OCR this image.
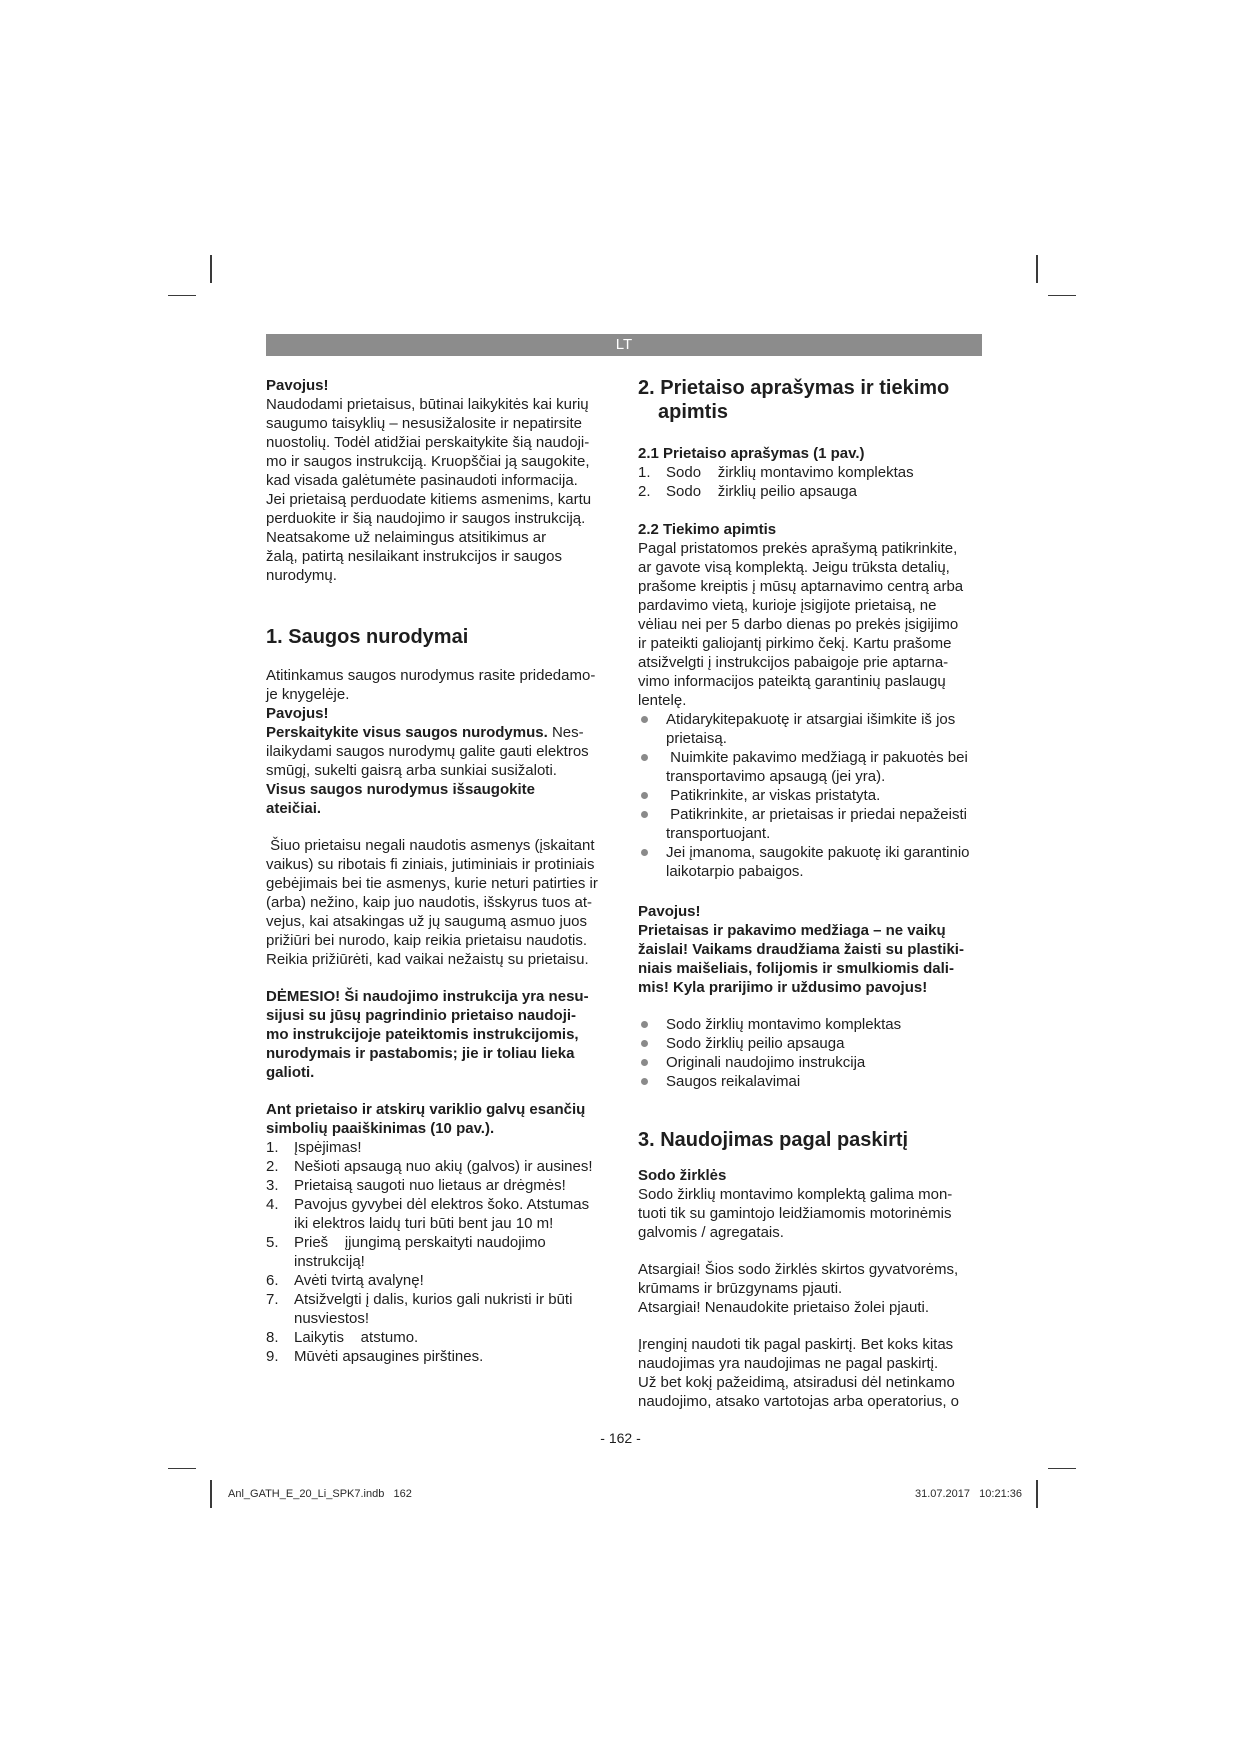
LT

Pavojus!

Naudodami prietaisus, būtinai laikykitės kai kurių

saugumo taisyklių – nesusižalosite ir nepatirsite

nuostolių. Todėl atidžiai perskaitykite šią naudoji-

mo ir saugos instrukciją. Kruopščiai ją saugokite,

kad visada galėtumėte pasinaudoti informacija.

Jei prietaisą perduodate kitiems asmenims, kartu

perduokite ir šią naudojimo ir saugos instrukciją.

Neatsakome už nelaimingus atsitikimus ar

žalą, patirtą nesilaikant instrukcijos ir saugos

nurodymų.

1. Saugos nurodymai

Atitinkamus saugos nurodymus rasite pridedamo-

je knygelėje.

Pavojus!

Perskaitykite visus saugos nurodymus. Nes-

ilaikydami saugos nurodymų galite gauti elektros

smūgį, sukelti gaisrą arba sunkiai susižaloti.

Visus saugos nurodymus išsaugokite

ateičiai.

Šiuo prietaisu negali naudotis asmenys (įskaitant

vaikus) su ribotais fi ziniais, jutiminiais ir protiniais

gebėjimais bei tie asmenys, kurie neturi patirties ir

(arba) nežino, kaip juo naudotis, išskyrus tuos at-

vejus, kai atsakingas už jų saugumą asmuo juos

prižiūri bei nurodo, kaip reikia prietaisu naudotis.

Reikia prižiūrėti, kad vaikai nežaistų su prietaisu.

DĖMESIO! Ši naudojimo instrukcija yra nesu-

sijusi su jūsų pagrindinio prietaiso naudoji-

mo instrukcijoje pateiktomis instrukcijomis,

nurodymais ir pastabomis; jie ir toliau lieka

galioti.

Ant prietaiso ir atskirų variklio galvų esančių

simbolių paaiškinimas (10 pav.).

1. Įspėjimas!

2. Nešioti apsaugą nuo akių (galvos) ir ausines!

3. Prietaisą saugoti nuo lietaus ar drėgmės!

4. Pavojus gyvybei dėl elektros šoko. Atstumas

iki elektros laidų turi būti bent jau 10 m!

5. Prieš    įjungimą perskaityti naudojimo

instrukciją!

6. Avėti tvirtą avalynę!

7. Atsižvelgti į dalis, kurios gali nukristi ir būti

nusviestos!

8. Laikytis    atstumo.

9. Mūvėti apsaugines pirštines.

2. Prietaiso aprašymas ir tiekimo

apimtis

2.1 Prietaiso aprašymas (1 pav.)

1. Sodo    žirklių montavimo komplektas

2. Sodo    žirklių peilio apsauga

2.2 Tiekimo apimtis

Pagal pristatomos prekės aprašymą patikrinkite,

ar gavote visą komplektą. Jeigu trūksta detalių,

prašome kreiptis į mūsų aptarnavimo centrą arba

pardavimo vietą, kurioje įsigijote prietaisą, ne

vėliau nei per 5 darbo dienas po prekės įsigijimo

ir pateikti galiojantį pirkimo čekį. Kartu prašome

atsižvelgti į instrukcijos pabaigoje prie aptarna-

vimo informacijos pateiktą garantinių paslaugų

lentelę.

Atidarykitepakuotę ir atsargiai išimkite iš jos

prietaisą.

Nuimkite pakavimo medžiagą ir pakuotės bei

transportavimo apsaugą (jei yra).

Patikrinkite, ar viskas pristatyta.

Patikrinkite, ar prietaisas ir priedai nepažeisti

transportuojant.

Jei įmanoma, saugokite pakuotę iki garantinio

laikotarpio pabaigos.

Pavojus!

Prietaisas ir pakavimo medžiaga – ne vaikų

žaislai! Vaikams draudžiama žaisti su plastiki-

niais maišeliais, folijomis ir smulkiomis dali-

mis! Kyla prarijimo ir uždusimo pavojus!

Sodo žirklių montavimo komplektas

Sodo žirklių peilio apsauga

Originali naudojimo instrukcija

Saugos reikalavimai

3. Naudojimas pagal paskirtį

Sodo žirklės

Sodo žirklių montavimo komplektą galima mon-

tuoti tik su gamintojo leidžiamomis motorinėmis

galvomis / agregatais.

Atsargiai! Šios sodo žirklės skirtos gyvatvorėms,

krūmams ir brūzgynams pjauti.

Atsargiai! Nenaudokite prietaiso žolei pjauti.

Įrenginį naudoti tik pagal paskirtį. Bet koks kitas

naudojimas yra naudojimas ne pagal paskirtį.

Už bet kokį pažeidimą, atsiradusi dėl netinkamo

naudojimo, atsako vartotojas arba operatorius, o

- 162 -
Anl_GATH_E_20_Li_SPK7.indb   162	31.07.2017   10:21:36
